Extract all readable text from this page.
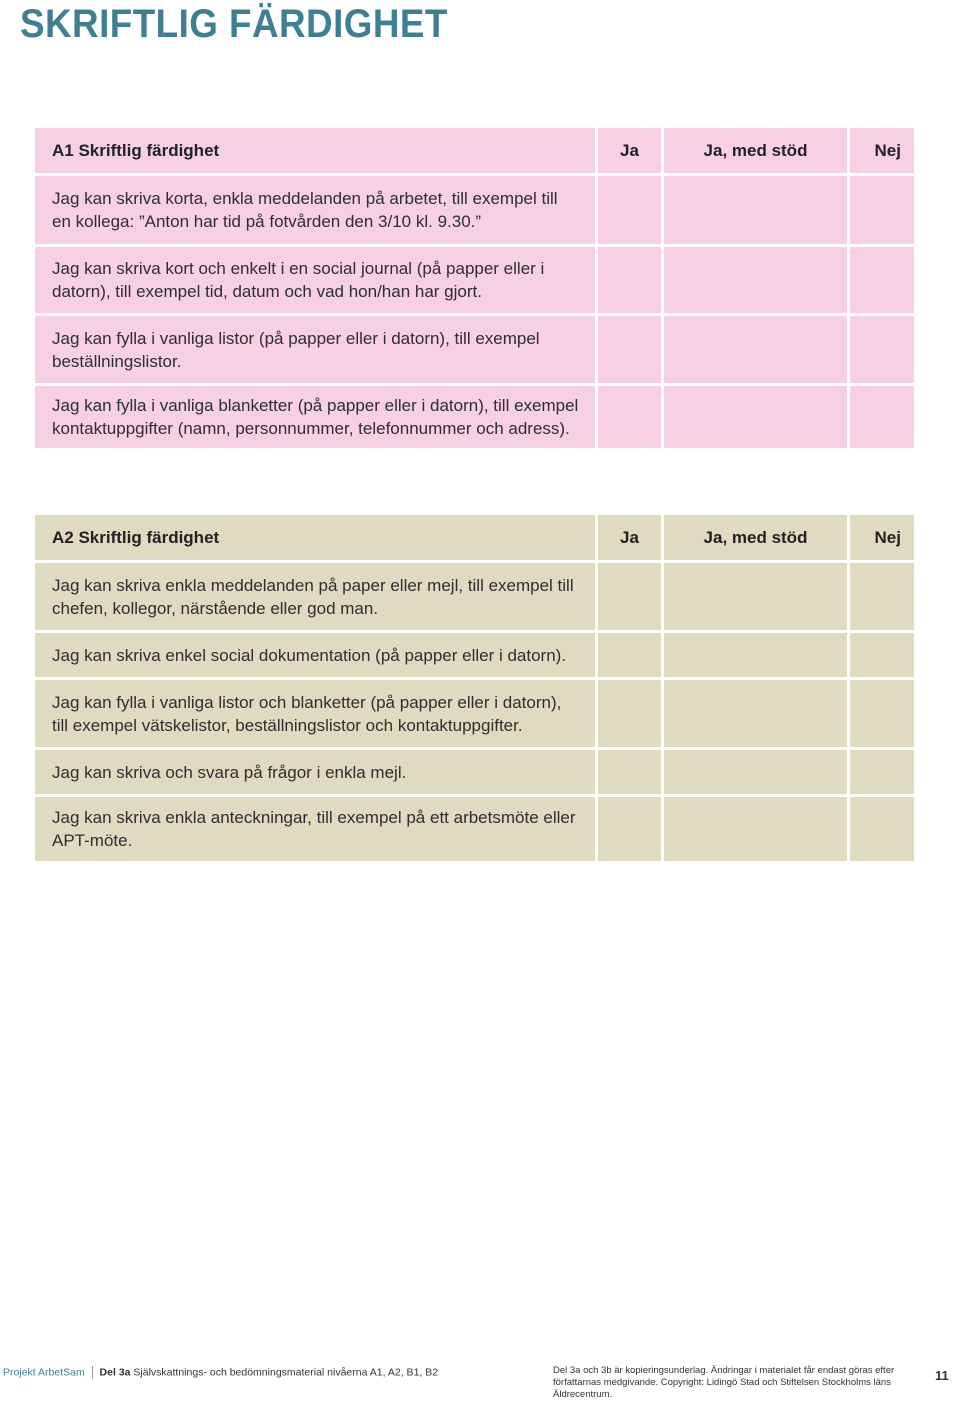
SKRIFTLIG FÄRDIGHET
A1 Skriftlig färdighet	Ja	Ja, med stöd	Nej
Jag kan skriva korta, enkla meddelanden på arbetet, till exempel till en kollega: ”Anton har tid på fotvården den 3/10 kl. 9.30.”
Jag kan skriva kort och enkelt i en social journal (på papper eller i datorn), till exempel tid, datum och vad hon/han har gjort.
Jag kan fylla i vanliga listor (på papper eller i datorn), till exempel beställningslistor.
Jag kan fylla i vanliga blanketter (på papper eller i datorn), till exempel kontaktuppgifter (namn, personnummer, telefonnummer och adress).
A2 Skriftlig färdighet	Ja	Ja, med stöd	Nej
Jag kan skriva enkla meddelanden på paper eller mejl, till exempel till chefen, kollegor, närstående eller god man.
Jag kan skriva enkel social dokumentation (på papper eller i datorn).
Jag kan fylla i vanliga listor och blanketter (på papper eller i datorn), till exempel vätskelistor, beställningslistor och kontaktuppgifter.
Jag kan skriva och svara på frågor i enkla mejl.
Jag kan skriva enkla anteckningar, till exempel på ett arbetsmöte eller APT-möte.
Projekt ArbetSam Del 3a Självskattnings- och bedömningsmaterial nivåerna A1, A2, B1, B2	Del 3a och 3b är kopieringsunderlag. Ändringar i materialet får endast göras efter författarnas medgivande. Copyright: Lidingö Stad och Stiftelsen Stockholms läns Äldrecentrum.
11
